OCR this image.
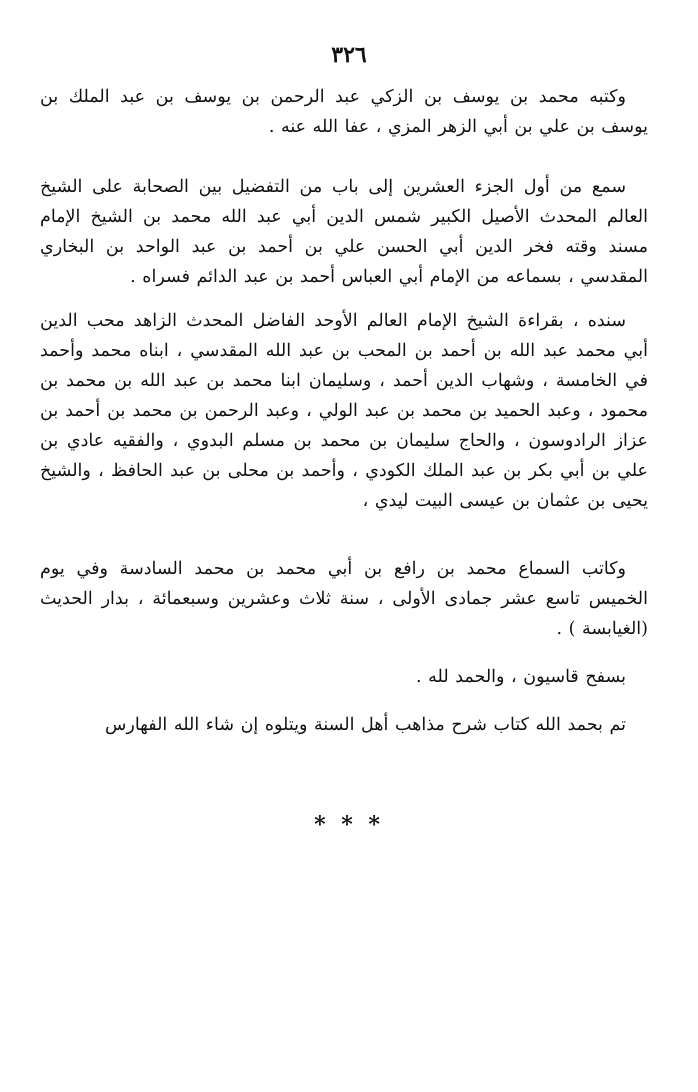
٣٢٦

وكتبه محمد بن يوسف بن الزكي عبد الرحمن بن يوسف بن عبد الملك بن يوسف بن علي بن أبي الزهر المزي ، عفا الله عنه .

سمع من أول الجزء العشرين إلى باب من التفضيل بين الصحابة على الشيخ العالم المحدث الأصيل الكبير شمس الدين أبي عبد الله محمد بن الشيخ الإمام مسند وقته فخر الدين أبي الحسن علي بن أحمد بن عبد الواحد بن البخاري المقدسي ، بسماعه من الإمام أبي العباس أحمد بن عبد الدائم فسراه .

سنده ، بقراءة الشيخ الإمام العالم الأوحد الفاضل المحدث الزاهد محب الدين أبي محمد عبد الله بن أحمد بن المحب بن عبد الله المقدسي ، ابناه محمد وأحمد في الخامسة ، وشهاب الدين أحمد ، وسليمان ابنا محمد بن عبد الله بن محمد بن محمود ، وعبد الحميد بن محمد بن عبد الولي ، وعبد الرحمن بن محمد بن أحمد بن عزاز الرادوسون ، والحاج سليمان بن محمد بن مسلم البدوي ، والفقيه عادي بن علي بن أبي بكر بن عبد الملك الكودي ، وأحمد بن محلى بن عبد الحافظ ، والشيخ يحيى بن عثمان بن عيسى البيت ليدي ،

وكاتب السماع محمد بن رافع بن أبي محمد بن محمد السادسة وفي يوم الخميس تاسع عشر جمادى الأولى ، سنة ثلاث وعشرين وسبعمائة ، بدار الحديث (الغيابسة ) .

بسفح قاسيون ، والحمد لله .

تم بحمد الله كتاب شرح مذاهب أهل السنة ويتلوه إن شاء الله الفهارس

* * *
